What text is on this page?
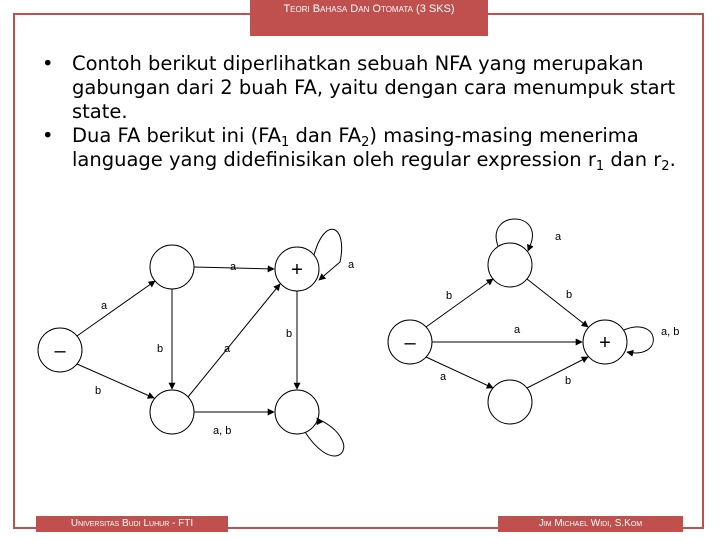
Teori Bahasa Dan Otomata (3 SKS)

• Contoh berikut diperlihatkan sebuah NFA yang merupakan gabungan dari 2 buah FA, yaitu dengan cara menumpuk start state.

• Dua FA berikut ini ($FA_1$ dan $FA_2$) masing-masing menerima language yang didefinisikan oleh regular expression $r_1$ dan $r_2$.

–
+
a	a
a
b	a
b
b
a, b
–	+
a
b	b
a	a, b
a	b
Universitas Budi Luhur - FTI	Jim Michael Widi, S.Kom
